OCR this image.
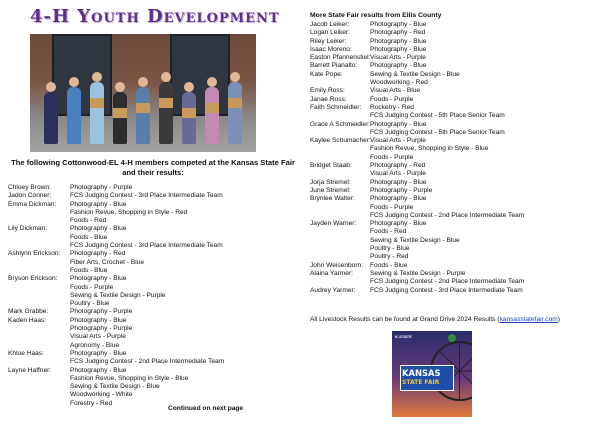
4-H Youth Development
The following Cottonwood-EL 4-H members competed at the Kansas State Fair and their results:
Chloey Brown:	Photography - Purple
Jadon Conner:	FCS Judging Contest - 3rd Place Intermediate Team
Emma Dickman: Photography - Blue
Fashion Revue, Shopping in Style - Red
Foods - Red
Lily Dickman:	Photography - Blue
Foods - Blue
FCS Judging Contest - 3rd Place Intermediate Team
Ashlynn Erickson: Photography - Red
Fiber Arts, Crochet - Blue
Foods - Blue
Bryson Erickson: Photography - Blue
Foods - Purple
Sewing & Textile Design - Purple
Poultry - Blue
Mark Grabbe:	Photography - Purple
Kaden Haas:	Photography - Blue
Photography - Purple
Visual Arts - Purple
Agronomy - Blue
Khloe Haas:	Photography - Blue
FCS Judging Contest - 2nd Place Intermediate Team
Layne Haffner:	Photography - Blue
Fashion Revue, Shopping in Style - Blue
Sewing & Textile Design - Blue
Woodworking - White
Forestry - Red
Continued on next page
More State Fair results from Ellis County
Jacob Leiker:	Photography - Blue
Logan Leiker:	Photography - Red
Riley Leiker:	Photography - Blue
Isaac Moreno:	Photography - Blue
Easton Pfannenstiel: Visual Arts - Purple
Barrett Pianalto: Photography - Blue
Kate Pope:	Sewing & Textile Design - Blue
Woodworking - Red
Emily Ross:	Visual Arts - Blue
Janae Ross:	Foods - Purple
Faith Schmeidler: Rocketry - Red
FCS Judging Contest - 5th Place Senior Team
Grace A Schmeidler: Photography - Blue
FCS Judging Contest - 5th Place Senior Team
Kaylee Schumacher: Visual Arts - Purple
Fashion Revue, Shopping in Style - Blue
Foods - Purple
Bridget Staab:	Photography - Red
Visual Arts - Purple
Jorja Stremel:	Photography - Blue
June Stremel:	Photography - Purple
Brynlee Walter: Photography - Blue
Foods - Purple
FCS Judging Contest - 2nd Place Intermediate Team
Jayden Warner: Photography - Blue
Foods - Red
Sewing & Textile Design - Blue
Poultry - Blue
Poultry - Red
John Weisenborn: Foods - Blue
Alaina Yarmer:	Sewing & Textile Design - Purple
FCS Judging Contest - 2nd Place Intermediate Team
Audrey Yarmer: FCS Judging Contest - 3rd Place Intermediate Team
All Livestock Results can be found at Grand Drive 2024 Results (kansasstatefair.com)
K-STATE
KANSAS
STATE FAIR
